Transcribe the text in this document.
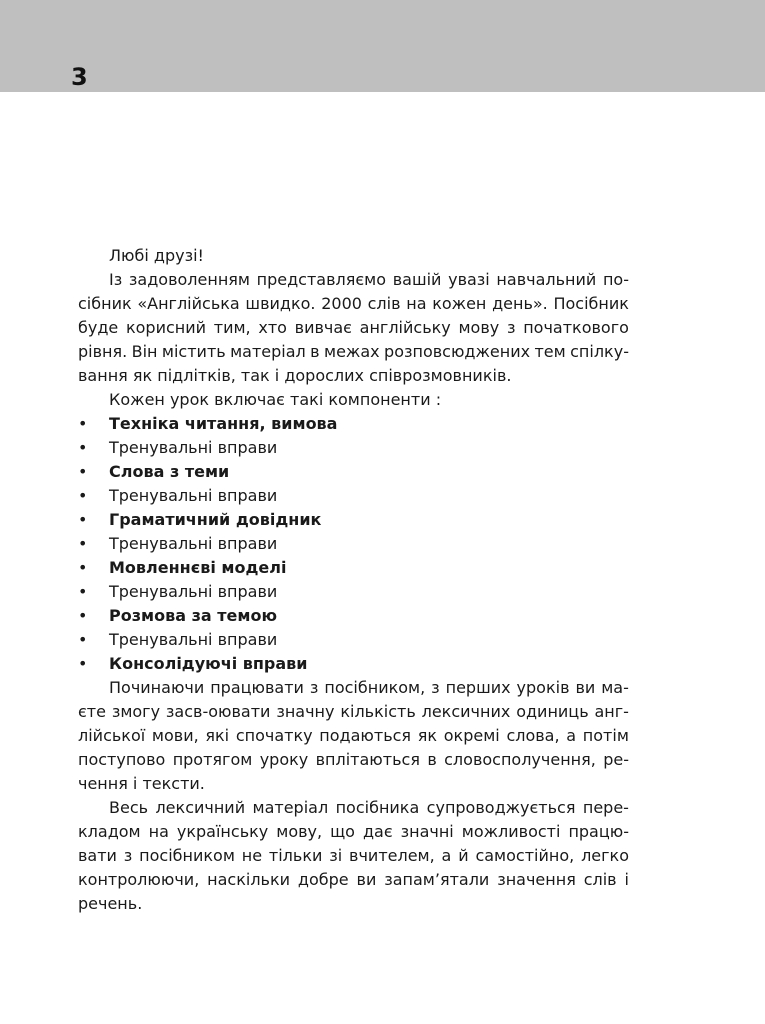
3
Любі друзі!
Із задоволенням представляємо вашій увазі навчальний по-
сібник «Англійська швидко. 2000 слів на кожен день». Посібник
буде корисний тим, хто вивчає англійську мову з початкового
рівня. Він містить матеріал в межах розповсюджених тем спілку-
вання як підлітків, так і дорослих співрозмовників.
Кожен урок включає такі компоненти :
• Техніка читання, вимова
• Тренувальні вправи
• Слова з теми
• Тренувальні вправи
• Граматичний довідник
• Тренувальні вправи
• Мовленнєві моделі
• Тренувальні вправи
• Розмова за темою
• Тренувальні вправи
• Консолідуючі вправи
Починаючи працювати з посібником, з перших уроків ви ма-
єте змогу засв-оювати значну кількість лексичних одиниць анг-
лійської мови, які спочатку подаються як окремі слова, а потім
поступово протягом уроку вплітаються в словосполучення, ре-
чення і тексти.
Весь лексичний матеріал посібника супроводжується пере-
кладом на українську мову, що дає значні можливості працю-
вати з посібником не тільки зі вчителем, а й самостійно, легко
контролюючи, наскільки добре ви запам’ятали значення слів і
речень.
